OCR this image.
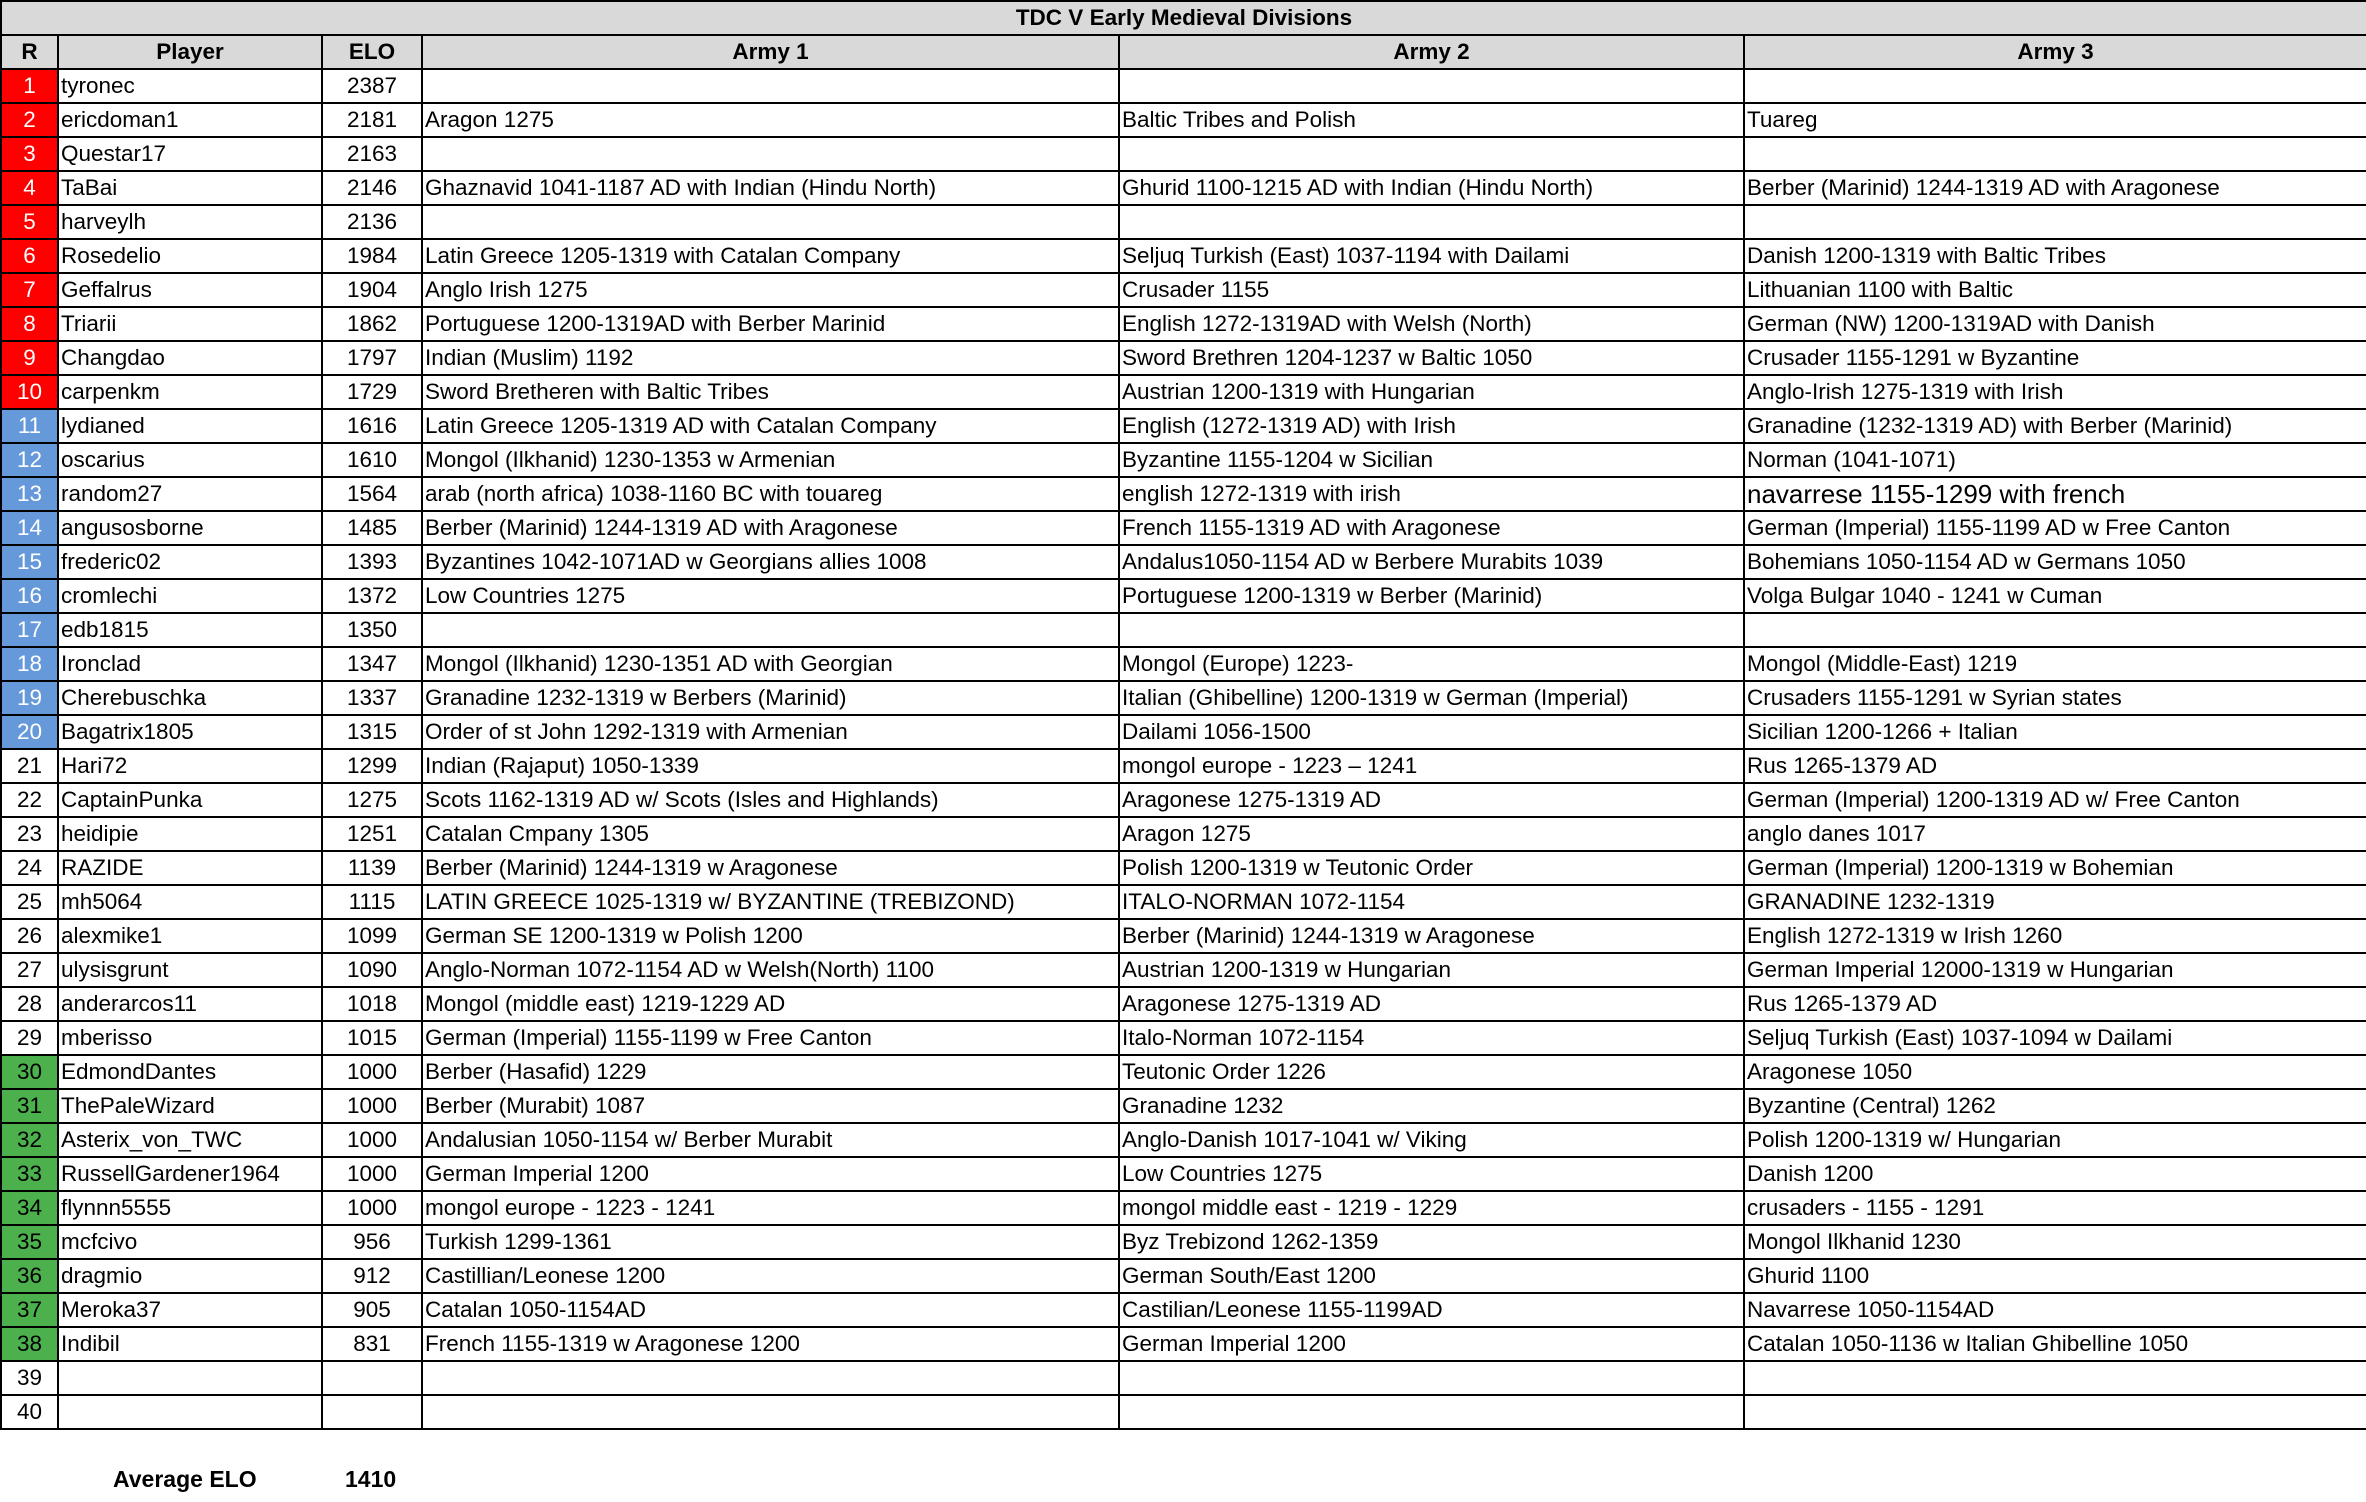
TDC V Early Medieval Divisions					
R	Player	ELO	Army 1	Army 2	Army 3
1	tyronec	2387			
2	ericdoman1	2181	Aragon 1275	Baltic Tribes and Polish	Tuareg
3	Questar17	2163			
4	TaBai	2146	Ghaznavid 1041-1187 AD with Indian (Hindu North)	Ghurid 1100-1215 AD with Indian (Hindu North)	Berber (Marinid) 1244-1319 AD with Aragonese
5	harveylh	2136			
6	Rosedelio	1984	Latin Greece 1205-1319 with Catalan Company	Seljuq Turkish (East) 1037-1194 with Dailami	Danish 1200-1319 with Baltic Tribes
7	Geffalrus	1904	Anglo Irish 1275	Crusader 1155	Lithuanian 1100 with Baltic
8	Triarii	1862	Portuguese 1200-1319AD with Berber Marinid	English 1272-1319AD with Welsh (North)	German (NW) 1200-1319AD with Danish
9	Changdao	1797	Indian (Muslim) 1192	Sword Brethren 1204-1237 w Baltic 1050	Crusader 1155-1291 w Byzantine
10	carpenkm	1729	Sword Bretheren with Baltic Tribes	Austrian 1200-1319 with Hungarian	Anglo-Irish 1275-1319 with Irish
11	lydianed	1616	Latin Greece 1205-1319 AD with Catalan Company	English (1272-1319 AD) with Irish	Granadine (1232-1319 AD) with Berber (Marinid)
12	oscarius	1610	Mongol (Ilkhanid) 1230-1353 w Armenian	Byzantine 1155-1204 w Sicilian	Norman (1041-1071)
13	random27	1564	arab (north africa) 1038-1160 BC with touareg	english 1272-1319 with irish	navarrese 1155-1299 with french
14	angusosborne	1485	Berber (Marinid) 1244-1319 AD with Aragonese	French 1155-1319 AD with Aragonese	German (Imperial) 1155-1199 AD w Free Canton
15	frederic02	1393	Byzantines 1042-1071AD w Georgians allies 1008	Andalus1050-1154 AD w Berbere Murabits 1039	Bohemians 1050-1154 AD w Germans 1050
16	cromlechi	1372	Low Countries 1275	Portuguese 1200-1319 w Berber (Marinid)	Volga Bulgar 1040 - 1241 w Cuman
17	edb1815	1350			
18	Ironclad	1347	Mongol (Ilkhanid) 1230-1351 AD with Georgian	Mongol (Europe) 1223-	Mongol (Middle-East) 1219
19	Cherebuschka	1337	Granadine 1232-1319 w Berbers (Marinid)	Italian (Ghibelline) 1200-1319 w German (Imperial)	Crusaders 1155-1291 w Syrian states
20	Bagatrix1805	1315	Order of st John 1292-1319 with Armenian	Dailami 1056-1500	Sicilian 1200-1266 + Italian
21	Hari72	1299	Indian (Rajaput) 1050-1339	mongol europe - 1223 – 1241	Rus 1265-1379 AD
22	CaptainPunka	1275	Scots 1162-1319 AD w/ Scots (Isles and Highlands)	Aragonese 1275-1319 AD	German (Imperial) 1200-1319 AD w/ Free Canton
23	heidipie	1251	Catalan Cmpany 1305	Aragon 1275	anglo danes 1017
24	RAZIDE	1139	Berber (Marinid) 1244-1319 w Aragonese	Polish 1200-1319 w Teutonic Order	German (Imperial) 1200-1319 w Bohemian
25	mh5064	1115	LATIN GREECE 1025-1319 w/ BYZANTINE (TREBIZOND)	ITALO-NORMAN 1072-1154	GRANADINE 1232-1319
26	alexmike1	1099	German SE 1200-1319 w Polish 1200	Berber (Marinid) 1244-1319 w Aragonese	English 1272-1319 w Irish 1260
27	ulysisgrunt	1090	Anglo-Norman 1072-1154 AD w Welsh(North) 1100	Austrian 1200-1319 w Hungarian	German Imperial 12000-1319 w Hungarian
28	anderarcos11	1018	Mongol (middle east) 1219-1229 AD	Aragonese 1275-1319 AD	Rus 1265-1379 AD
29	mberisso	1015	German (Imperial) 1155-1199 w Free Canton	Italo-Norman 1072-1154	Seljuq Turkish (East) 1037-1094 w Dailami
30	EdmondDantes	1000	Berber (Hasafid) 1229	Teutonic Order 1226	Aragonese 1050
31	ThePaleWizard	1000	Berber (Murabit) 1087	Granadine 1232	Byzantine (Central) 1262
32	Asterix_von_TWC	1000	Andalusian 1050-1154 w/ Berber Murabit	Anglo-Danish 1017-1041 w/ Viking	Polish 1200-1319 w/ Hungarian
33	RussellGardener1964	1000	German Imperial 1200	Low Countries 1275	Danish 1200
34	flynnn5555	1000	mongol europe - 1223 - 1241	mongol middle east - 1219 - 1229	crusaders - 1155 - 1291
35	mcfcivo	956	Turkish 1299-1361	Byz Trebizond 1262-1359	Mongol Ilkhanid 1230
36	dragmio	912	Castillian/Leonese 1200	German South/East 1200	Ghurid 1100
37	Meroka37	905	Catalan 1050-1154AD	Castilian/Leonese 1155-1199AD	Navarrese 1050-1154AD
38	Indibil	831	French 1155-1319 w Aragonese 1200	German Imperial 1200	Catalan 1050-1136 w Italian Ghibelline 1050
39					
40					
Average ELO	1410
